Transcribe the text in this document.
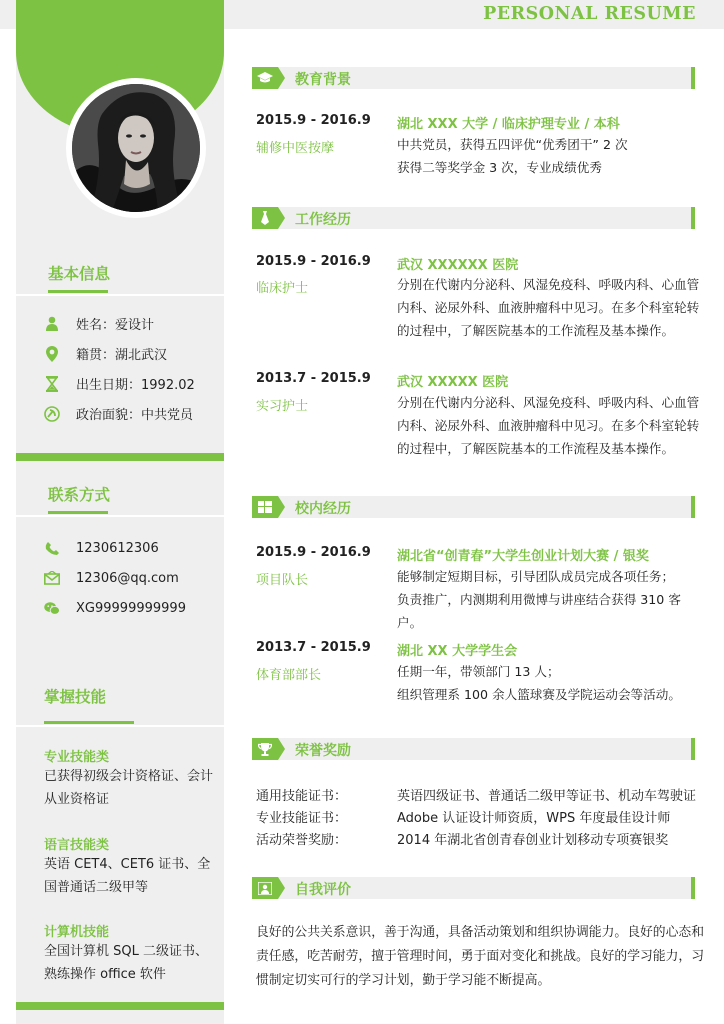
PERSONAL RESUME
基本信息
姓名：爱设计
籍贯：湖北武汉
出生日期：1992.02
政治面貌：中共党员
联系方式
1230612306
12306@qq.com
XG99999999999
掌握技能
专业技能类
已获得初级会计资格证、会计从业资格证
语言技能类
英语 CET4、CET6 证书、全国普通话二级甲等
计算机技能
全国计算机 SQL 二级证书、熟练操作 office 软件
教育背景
2015.9 - 2016.9
辅修中医按摩
湖北 XXX 大学 / 临床护理专业 / 本科
中共党员，获得五四评优“优秀团干” 2 次
获得二等奖学金 3 次，专业成绩优秀
工作经历
2015.9 - 2016.9
临床护士
武汉 XXXXXX 医院
分别在代谢内分泌科、风湿免疫科、呼吸内科、心血管
内科、泌尿外科、血液肿瘤科中见习。在多个科室轮转
的过程中，了解医院基本的工作流程及基本操作。
2013.7 - 2015.9
实习护士
武汉 XXXXX 医院
分别在代谢内分泌科、风湿免疫科、呼吸内科、心血管
内科、泌尿外科、血液肿瘤科中见习。在多个科室轮转
的过程中，了解医院基本的工作流程及基本操作。
校内经历
2015.9 - 2016.9
项目队长
湖北省“创青春”大学生创业计划大赛 / 银奖
能够制定短期目标，引导团队成员完成各项任务；
负责推广，内测期利用微博与讲座结合获得 310 客户。
2013.7 - 2015.9
体育部部长
湖北 XX 大学学生会
任期一年，带领部门 13 人；
组织管理系 100 余人篮球赛及学院运动会等活动。
荣誉奖励
通用技能证书：	英语四级证书、普通话二级甲等证书、机动车驾驶证
专业技能证书：	Adobe 认证设计师资质，WPS 年度最佳设计师
活动荣誉奖励：	2014 年湖北省创青春创业计划移动专项赛银奖
自我评价
良好的公共关系意识，善于沟通，具备活动策划和组织协调能力。良好的心态和责任感，吃苦耐劳，擅于管理时间，勇于面对变化和挑战。良好的学习能力，习惯制定切实可行的学习计划，勤于学习能不断提高。
